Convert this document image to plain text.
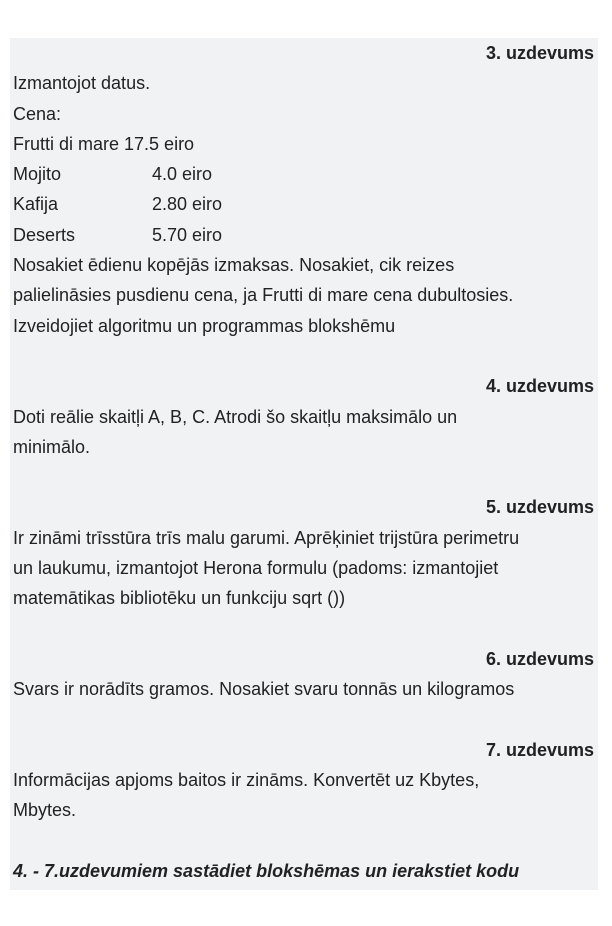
3. uzdevums
Izmantojot datus.
Cena:
Frutti di mare 17.5 eiro
Mojito	4.0 eiro
Kafija	2.80 eiro
Deserts	5.70 eiro
Nosakiet ēdienu kopējās izmaksas. Nosakiet, cik reizes
palielināsies pusdienu cena, ja Frutti di mare cena dubultosies.
Izveidojiet algoritmu un programmas blokshēmu
4. uzdevums
Doti reālie skaitļi A, B, C. Atrodi šo skaitļu maksimālo un
minimālo.
5. uzdevums
Ir zināmi trīsstūra trīs malu garumi. Aprēķiniet trijstūra perimetru
un laukumu, izmantojot Herona formulu (padoms: izmantojiet
matemātikas bibliotēku un funkciju sqrt ())
6. uzdevums
Svars ir norādīts gramos. Nosakiet svaru tonnās un kilogramos
7. uzdevums
Informācijas apjoms baitos ir zināms. Konvertēt uz Kbytes,
Mbytes.
4. - 7.uzdevumiem sastādiet blokshēmas un ierakstiet kodu
